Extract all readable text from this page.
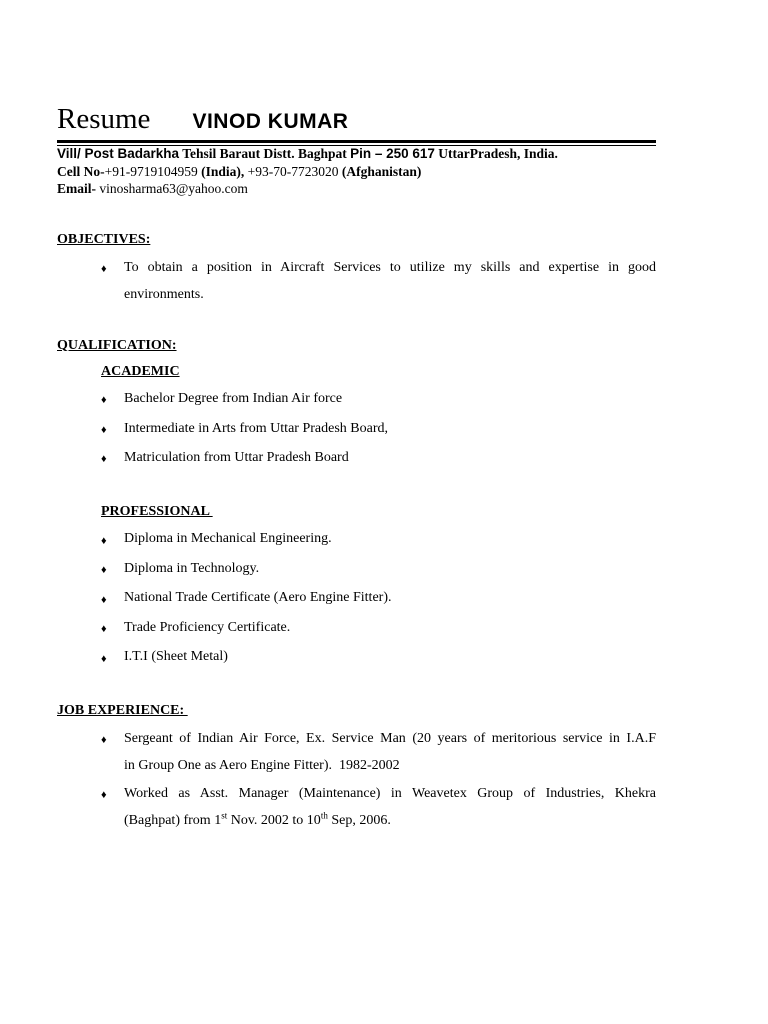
Resume VINOD KUMAR
Vill/ Post Badarkha Tehsil Baraut Distt. Baghpat Pin – 250 617 UttarPradesh, India.
Cell No-+91-9719104959 (India), +93-70-7723020 (Afghanistan)
Email- vinosharma63@yahoo.com
OBJECTIVES:
♦ To obtain a position in Aircraft Services to utilize my skills and expertise in good
environments.
QUALIFICATION:
ACADEMIC
♦ Bachelor Degree from Indian Air force
♦ Intermediate in Arts from Uttar Pradesh Board,
♦ Matriculation from Uttar Pradesh Board
PROFESSIONAL
♦ Diploma in Mechanical Engineering.
♦ Diploma in Technology.
♦ National Trade Certificate (Aero Engine Fitter).
♦ Trade Proficiency Certificate.
♦ I.T.I (Sheet Metal)
JOB EXPERIENCE:
♦ Sergeant of Indian Air Force, Ex. Service Man (20 years of meritorious service in I.A.F
in Group One as Aero Engine Fitter).  1982-2002
♦ Worked as Asst. Manager (Maintenance) in Weavetex Group of Industries, Khekra
(Baghpat) from 1st Nov. 2002 to 10th Sep, 2006.
